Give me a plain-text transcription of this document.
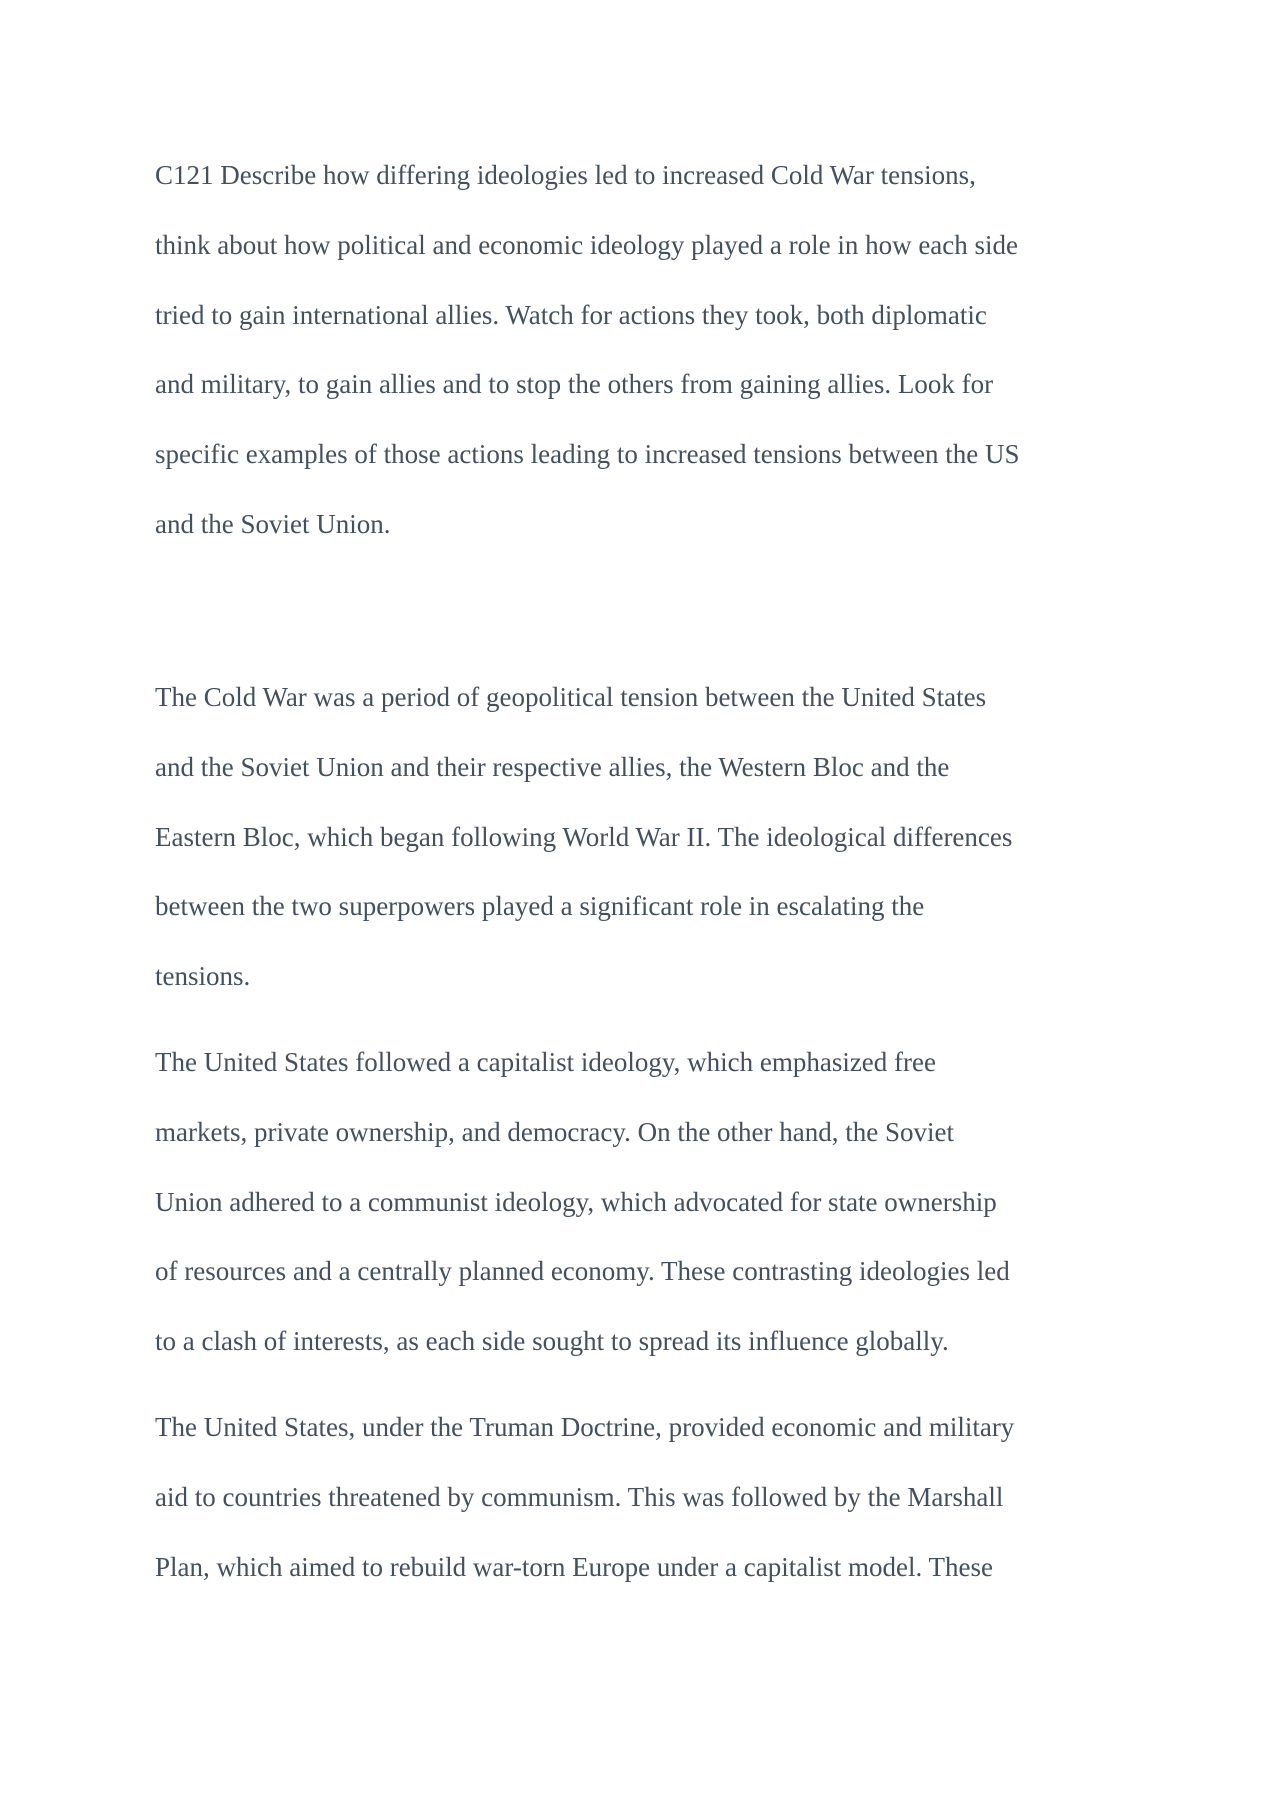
C121 Describe how differing ideologies led to increased Cold War tensions,

think about how political and economic ideology played a role in how each side

tried to gain international allies. Watch for actions they took, both diplomatic

and military, to gain allies and to stop the others from gaining allies. Look for

specific examples of those actions leading to increased tensions between the US

and the Soviet Union.

The Cold War was a period of geopolitical tension between the United States

and the Soviet Union and their respective allies, the Western Bloc and the

Eastern Bloc, which began following World War II. The ideological differences

between the two superpowers played a significant role in escalating the

tensions.

The United States followed a capitalist ideology, which emphasized free

markets, private ownership, and democracy. On the other hand, the Soviet

Union adhered to a communist ideology, which advocated for state ownership

of resources and a centrally planned economy. These contrasting ideologies led

to a clash of interests, as each side sought to spread its influence globally.

The United States, under the Truman Doctrine, provided economic and military

aid to countries threatened by communism. This was followed by the Marshall

Plan, which aimed to rebuild war-torn Europe under a capitalist model. These
